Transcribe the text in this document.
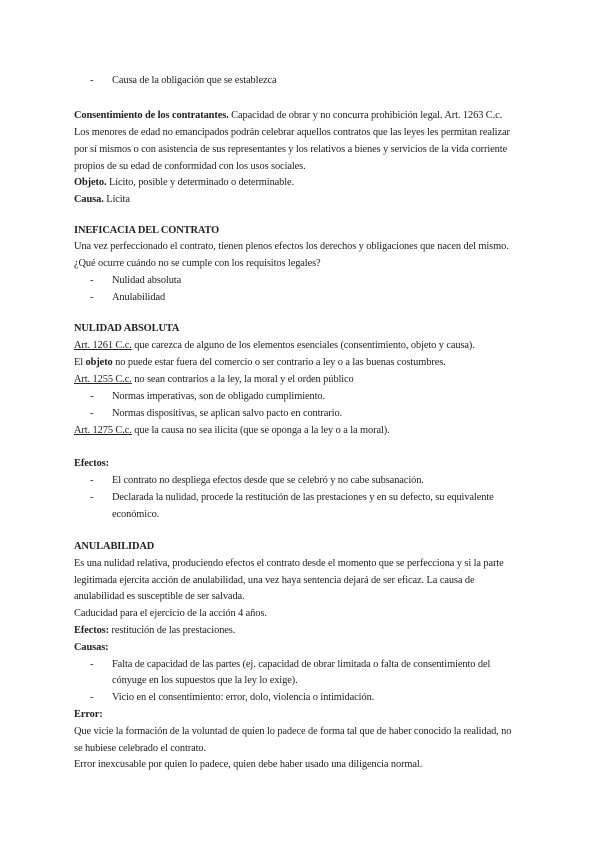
- Causa de la obligación que se establezca
Consentimiento de los contratantes. Capacidad de obrar y no concurra prohibición legal. Art. 1263 C.c.
Los menores de edad no emancipados podrán celebrar aquellos contratos que las leyes les permitan realizar
por sí mismos o con asistencia de sus representantes y los relativos a bienes y servicios de la vida corriente
propios de su edad de conformidad con los usos sociales.
Objeto. Lícito, posible y determinado o determinable.
Causa. Lícita
INEFICACIA DEL CONTRATO
Una vez perfeccionado el contrato, tienen plenos efectos los derechos y obligaciones que nacen del mismo.
¿Qué ocurre cuándo no se cumple con los requisitos legales?
- Nulidad absoluta
- Anulabilidad
NULIDAD ABSOLUTA
Art. 1261 C.c. que carezca de alguno de los elementos esenciales (consentimiento, objeto y causa).
El objeto no puede estar fuera del comercio o ser contrario a ley o a las buenas costumbres.
Art. 1255 C.c. no sean contrarios a la ley, la moral y el orden público
- Normas imperativas, son de obligado cumplimiento.
- Normas dispositivas, se aplican salvo pacto en contrario.
Art. 1275 C.c. que la causa no sea ilícita (que se oponga a la ley o a la moral).
Efectos:
- El contrato no despliega efectos desde que se celebró y no cabe subsanación.
- Declarada la nulidad, procede la restitución de las prestaciones y en su defecto, su equivalente
económico.
ANULABILIDAD
Es una nulidad relativa, produciendo efectos el contrato desde el momento que se perfecciona y si la parte
legitimada ejercita acción de anulabilidad, una vez haya sentencia dejará de ser eficaz. La causa de
anulabilidad es susceptible de ser salvada.
Caducidad para el ejercicio de la acción 4 años.
Efectos: restitución de las prestaciones.
Causas:
- Falta de capacidad de las partes (ej. capacidad de obrar limitada o falta de consentimiento del
cónyuge en los supuestos que la ley lo exige).
- Vicio en el consentimiento: error, dolo, violencia o intimidación.
Error:
Que vicie la formación de la voluntad de quien lo padece de forma tal que de haber conocido la realidad, no
se hubiese celebrado el contrato.
Error inexcusable por quien lo padece, quien debe haber usado una diligencia normal.
